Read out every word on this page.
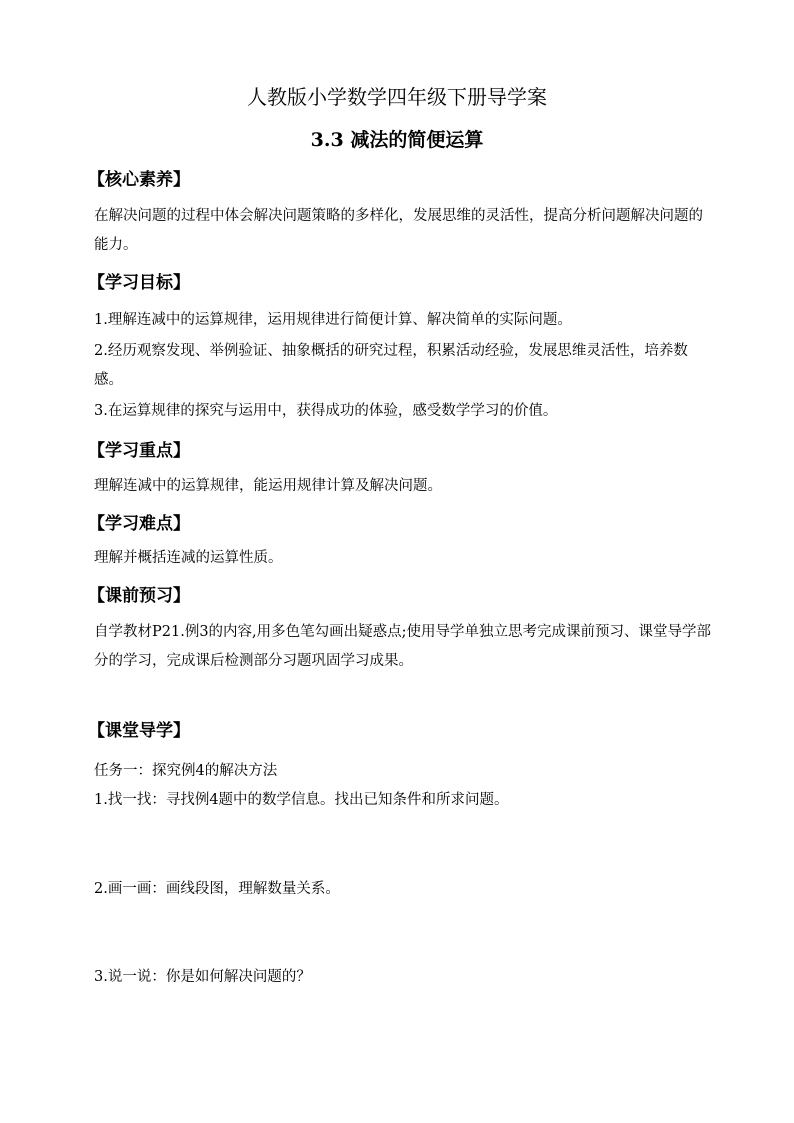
人教版小学数学四年级下册导学案
3.3 减法的简便运算
【核心素养】
在解决问题的过程中体会解决问题策略的多样化，发展思维的灵活性，提高分析问题解决问题的能力。
【学习目标】
1.理解连减中的运算规律，运用规律进行简便计算、解决简单的实际问题。
2.经历观察发现、举例验证、抽象概括的研究过程，积累活动经验，发展思维灵活性，培养数感。
3.在运算规律的探究与运用中，获得成功的体验，感受数学学习的价值。
【学习重点】
理解连减中的运算规律，能运用规律计算及解决问题。
【学习难点】
理解并概括连减的运算性质。
【课前预习】
自学教材P21.例3的内容,用多色笔勾画出疑惑点;使用导学单独立思考完成课前预习、课堂导学部分的学习，完成课后检测部分习题巩固学习成果。
【课堂导学】
任务一：探究例4的解决方法
1.找一找：寻找例4题中的数学信息。找出已知条件和所求问题。
2.画一画：画线段图，理解数量关系。
3.说一说：你是如何解决问题的？
